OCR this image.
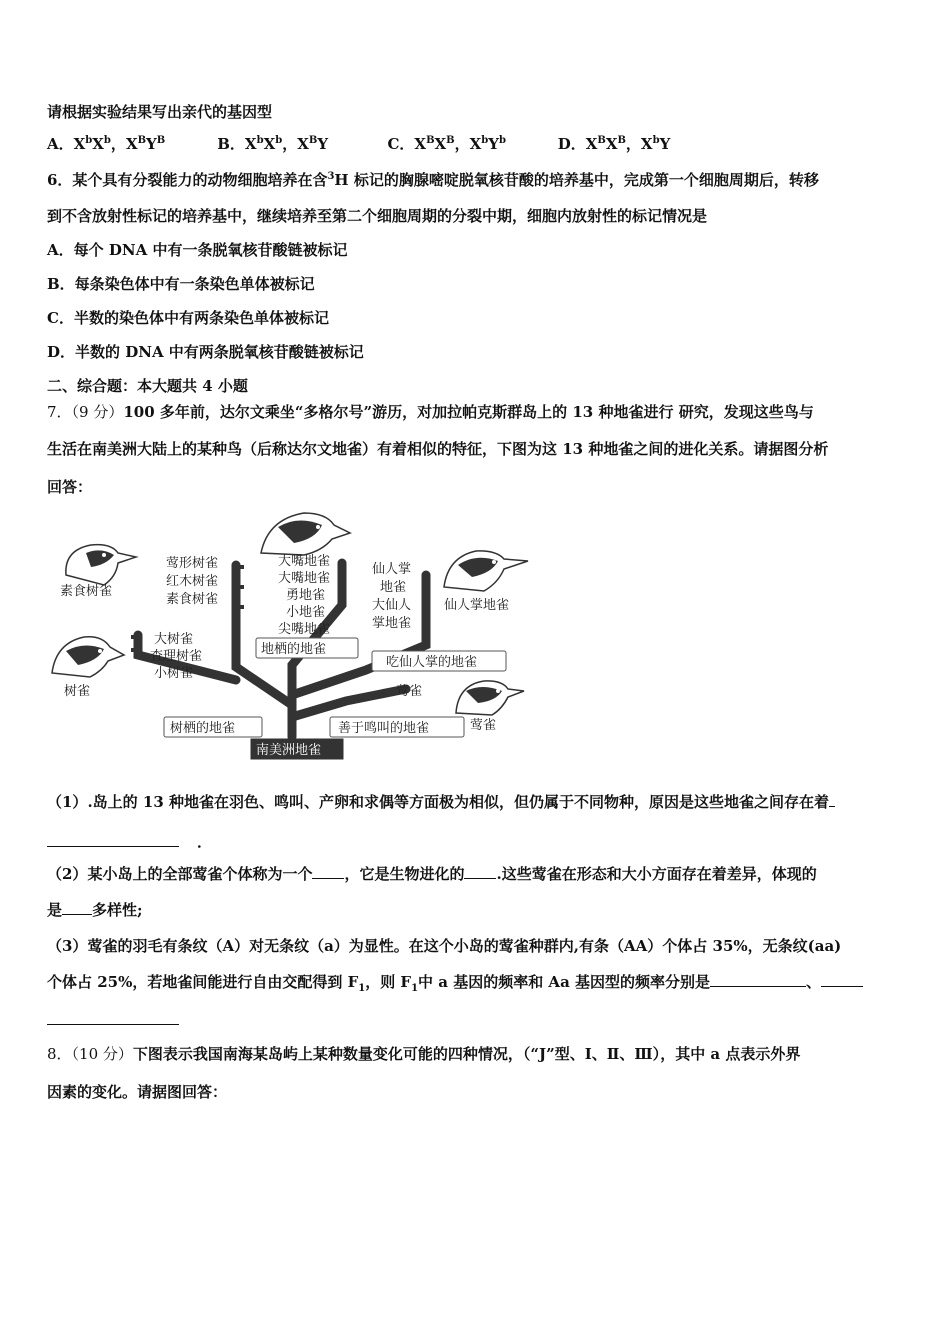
请根据实验结果写出亲代的基因型
A．$X^bX^b$，$X^BY^B$	B．$X^bX^b$，$X^BY$	C．$X^BX^B$，$X^bY^b$	D．$X^BX^B$，$X^bY$
6．某个具有分裂能力的动物细胞培养在含$^3$H 标记的胸腺嘧啶脱氧核苷酸的培养基中，完成第一个细胞周期后，转移
到不含放射性标记的培养基中，继续培养至第二个细胞周期的分裂中期，细胞内放射性的标记情况是
A．每个 DNA 中有一条脱氧核苷酸链被标记
B．每条染色体中有一条染色单体被标记
C．半数的染色体中有两条染色单体被标记
D．半数的 DNA 中有两条脱氧核苷酸链被标记
二、综合题：本大题共 4 小题
7．（9 分）100 多年前，达尔文乘坐“多格尔号”游历，对加拉帕克斯群岛上的 13 种地雀进行 研究，发现这些鸟与
生活在南美洲大陆上的某种鸟（后称达尔文地雀）有着相似的特征，下图为这 13 种地雀之间的进化关系。请据图分析
回答：
素食树雀
莺形树雀
红木树雀
素食树雀
大嘴地雀
大嘴地雀
勇地雀
小地雀
尖嘴地雀
仙人掌
地雀
大仙人
掌地雀
仙人掌地雀
大树雀
查理树雀
小树雀
树雀	莺雀
莺雀
地栖的地雀
吃仙人掌的地雀
树栖的地雀	善于鸣叫的地雀
南美洲地雀
（1）.岛上的 13 种地雀在羽色、鸣叫、产卵和求偶等方面极为相似，但仍属于不同物种，原因是这些地雀之间存在着
．
（2）某小岛上的全部莺雀个体称为一个 ，它是生物进化的 .这些莺雀在形态和大小方面存在着差异，体现的
是 多样性;
（3）莺雀的羽毛有条纹（A）对无条纹（a）为显性。在这个小岛的莺雀种群内,有条（AA）个体占 35%，无条纹(aa)
个体占 25%，若地雀间能进行自由交配得到 $F_1$，则 $F_1$中 a 基因的频率和 Aa 基因型的频率分别是	、
8．（10 分）下图表示我国南海某岛屿上某种数量变化可能的四种情况，（“J”型、Ⅰ、Ⅱ、Ⅲ），其中 a 点表示外界
因素的变化。请据图回答：
